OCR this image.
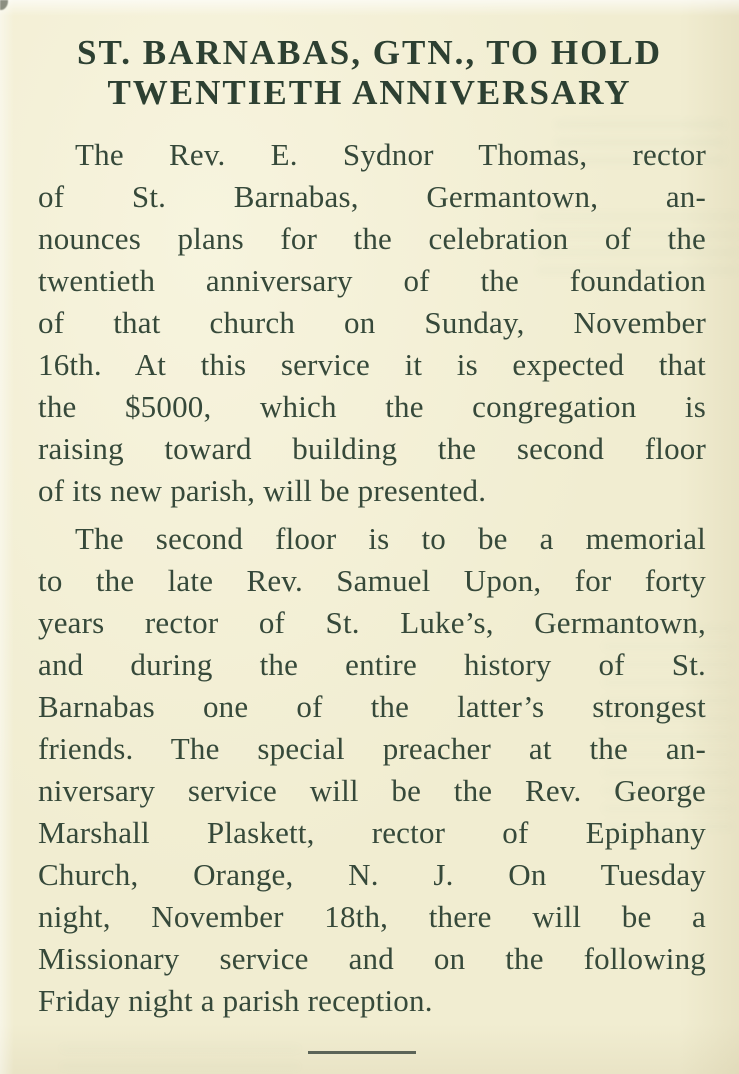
ST. BARNABAS, GTN., TO HOLD
TWENTIETH ANNIVERSARY
The Rev. E. Sydnor Thomas, rector
of St. Barnabas, Germantown, an-
nounces plans for the celebration of the
twentieth anniversary of the foundation
of that church on Sunday, November
16th. At this service it is expected that
the $5000, which the congregation is
raising toward building the second floor
of its new parish, will be presented.
The second floor is to be a memorial
to the late Rev. Samuel Upon, for forty
years rector of St. Luke’s, Germantown,
and during the entire history of St.
Barnabas one of the latter’s strongest
friends. The special preacher at the an-
niversary service will be the Rev. George
Marshall Plaskett, rector of Epiphany
Church, Orange, N. J. On Tuesday
night, November 18th, there will be a
Missionary service and on the following
Friday night a parish reception.
